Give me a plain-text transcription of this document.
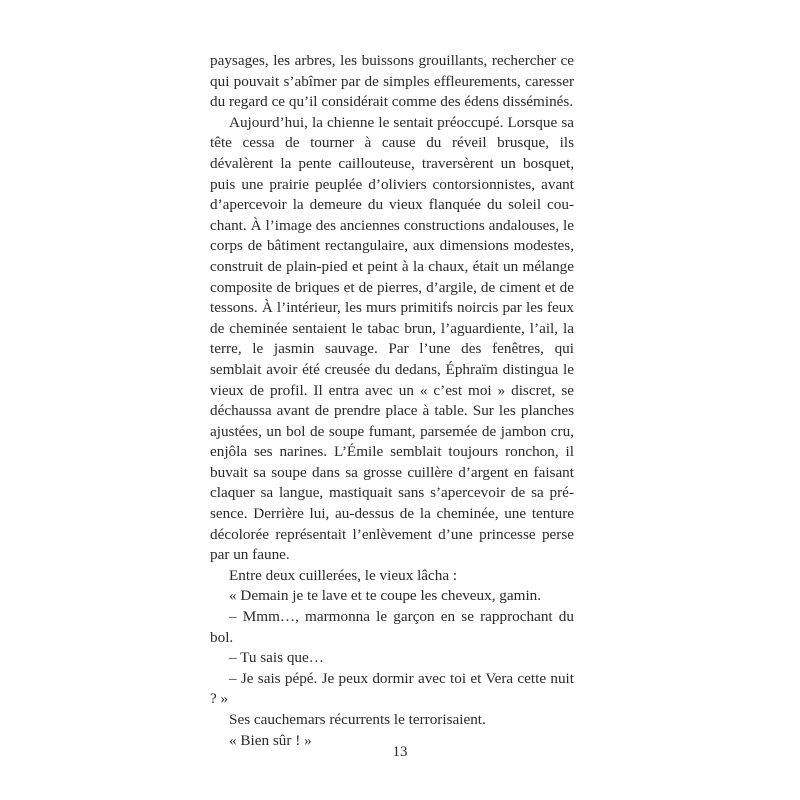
paysages, les arbres, les buissons grouillants, rechercher ce qui pouvait s’abîmer par de simples effleurements, caresser du regard ce qu’il considérait comme des édens disséminés.

Aujourd’hui, la chienne le sentait préoccupé. Lorsque sa tête cessa de tourner à cause du réveil brusque, ils dévalèrent la pente caillouteuse, traversèrent un bosquet, puis une prairie peuplée d’oliviers contorsionnistes, avant d’apercevoir la demeure du vieux flanquée du soleil couchant. À l’image des anciennes constructions andalouses, le corps de bâtiment rectangulaire, aux dimensions modestes, construit de plain-pied et peint à la chaux, était un mélange composite de briques et de pierres, d’argile, de ciment et de tessons. À l’intérieur, les murs primitifs noircis par les feux de cheminée sentaient le tabac brun, l’aguardiente, l’ail, la terre, le jasmin sauvage. Par l’une des fenêtres, qui semblait avoir été creusée du dedans, Éphraïm distingua le vieux de profil. Il entra avec un « c’est moi » discret, se déchaussa avant de prendre place à table. Sur les planches ajustées, un bol de soupe fumant, parsemée de jambon cru, enjôla ses narines. L’Émile semblait toujours ronchon, il buvait sa soupe dans sa grosse cuillère d’argent en faisant claquer sa langue, mastiquait sans s’apercevoir de sa présence. Derrière lui, au-dessus de la cheminée, une tenture décolorée représentait l’enlèvement d’une princesse perse par un faune.

Entre deux cuillerées, le vieux lâcha :

« Demain je te lave et te coupe les cheveux, gamin.

– Mmm…, marmonna le garçon en se rapprochant du bol.

– Tu sais que…

– Je sais pépé. Je peux dormir avec toi et Vera cette nuit ? »

Ses cauchemars récurrents le terrorisaient.

« Bien sûr ! »

13
